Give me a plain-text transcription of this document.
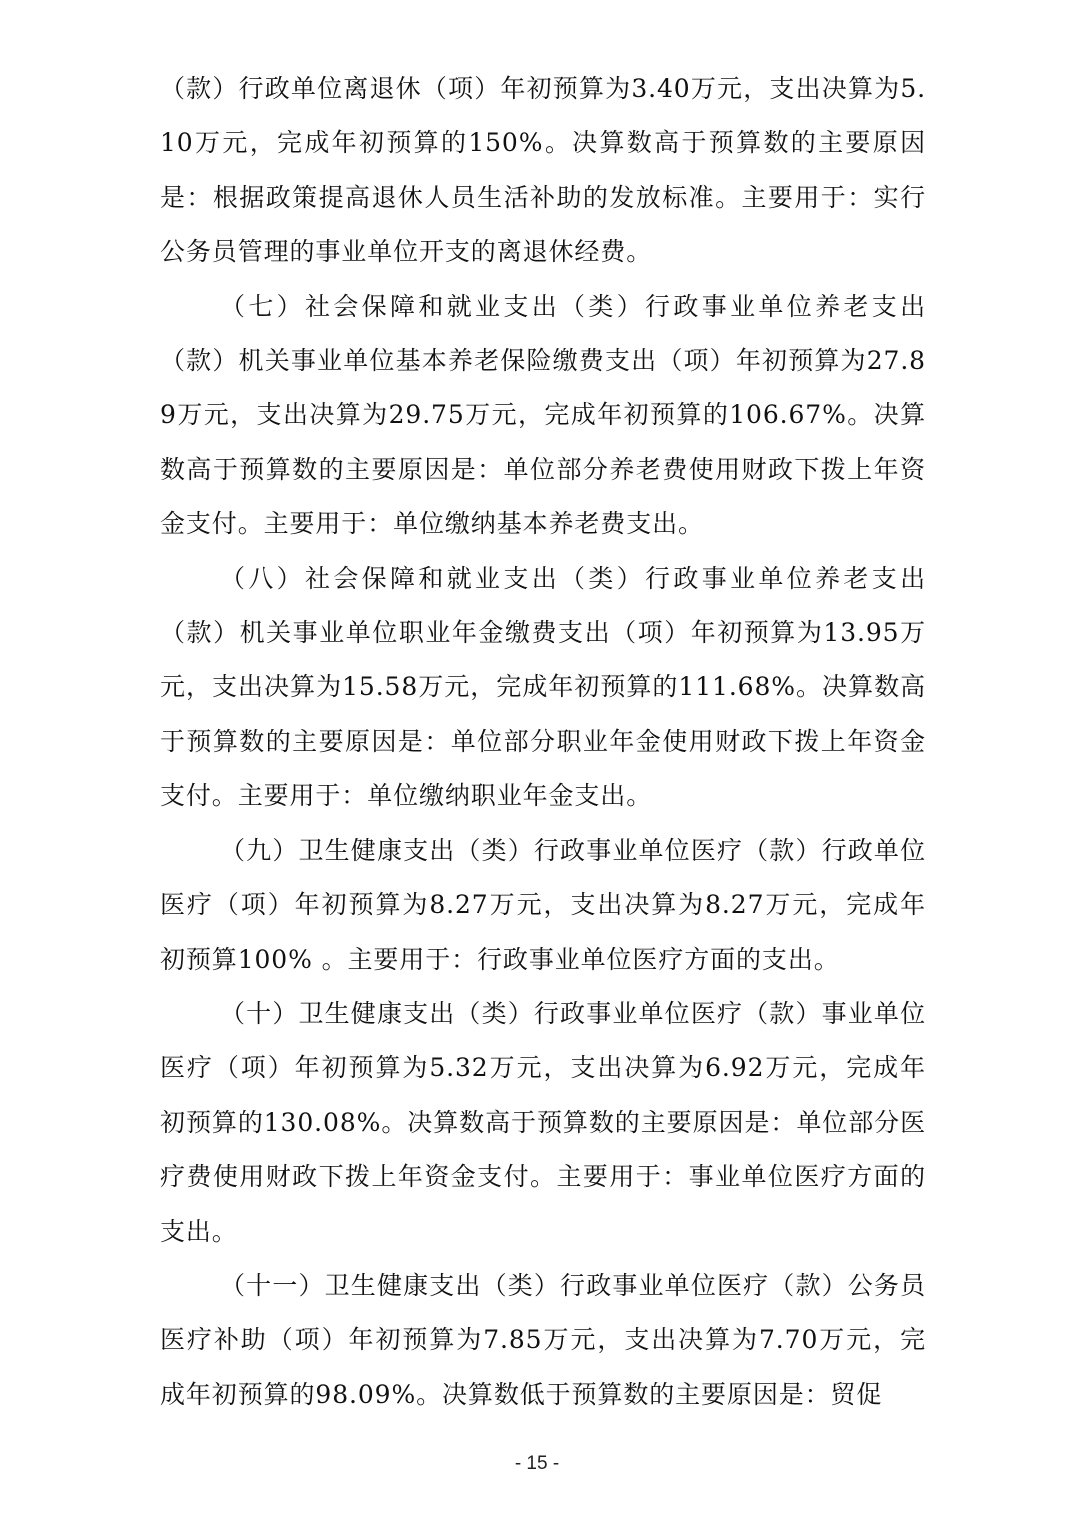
（款）行政单位离退休（项）年初预算为3.40万元，支出决算为5.10万元，完成年初预算的150%。决算数高于预算数的主要原因是：根据政策提高退休人员生活补助的发放标准。主要用于：实行公务员管理的事业单位开支的离退休经费。

（七）社会保障和就业支出（类）行政事业单位养老支出（款）机关事业单位基本养老保险缴费支出（项）年初预算为27.89万元，支出决算为29.75万元，完成年初预算的106.67%。决算数高于预算数的主要原因是：单位部分养老费使用财政下拨上年资金支付。主要用于：单位缴纳基本养老费支出。

（八）社会保障和就业支出（类）行政事业单位养老支出（款）机关事业单位职业年金缴费支出（项）年初预算为13.95万元，支出决算为15.58万元，完成年初预算的111.68%。决算数高于预算数的主要原因是：单位部分职业年金使用财政下拨上年资金支付。主要用于：单位缴纳职业年金支出。

（九）卫生健康支出（类）行政事业单位医疗（款）行政单位医疗（项）年初预算为8.27万元，支出决算为8.27万元，完成年初预算100% 。主要用于：行政事业单位医疗方面的支出。

（十）卫生健康支出（类）行政事业单位医疗（款）事业单位医疗（项）年初预算为5.32万元，支出决算为6.92万元，完成年初预算的130.08%。决算数高于预算数的主要原因是：单位部分医疗费使用财政下拨上年资金支付。主要用于：事业单位医疗方面的支出。

（十一）卫生健康支出（类）行政事业单位医疗（款）公务员医疗补助（项）年初预算为7.85万元，支出决算为7.70万元，完成年初预算的98.09%。决算数低于预算数的主要原因是：贸促

- 15 -
